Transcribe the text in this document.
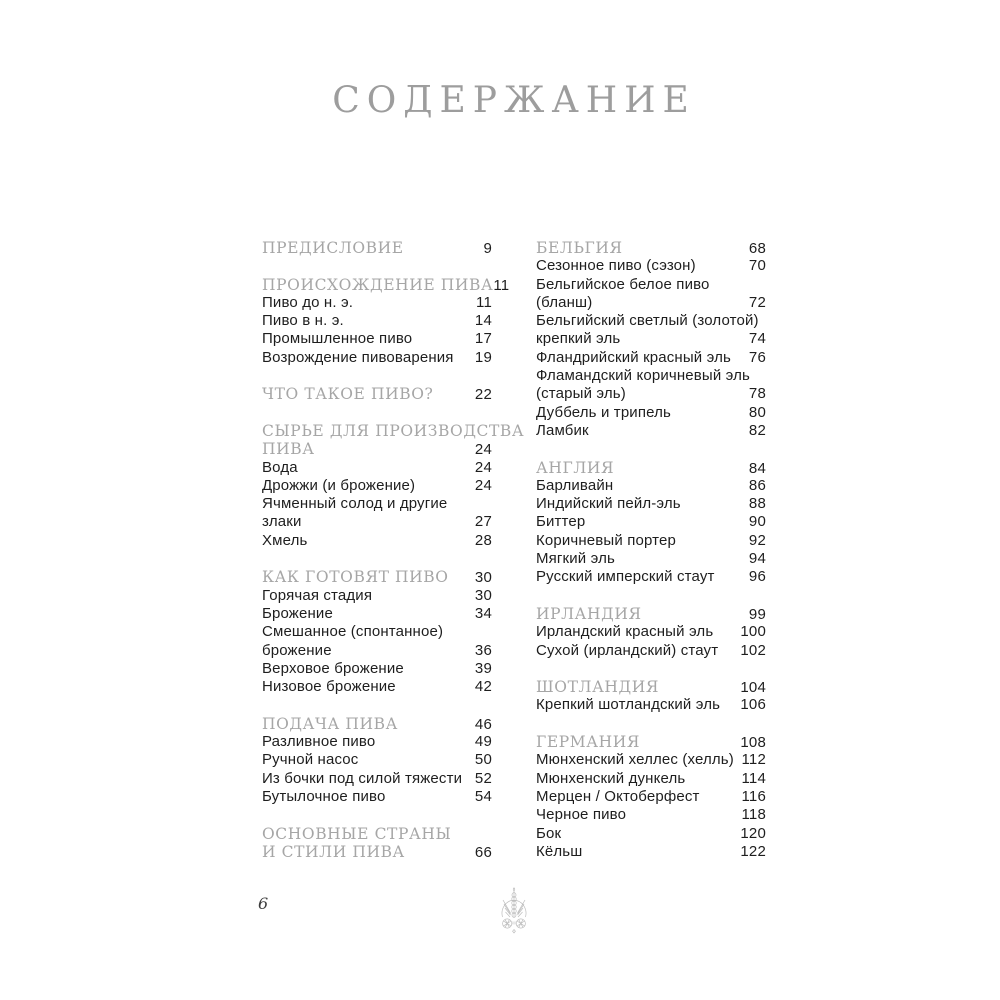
СОДЕРЖАНИЕ
ПРЕДИСЛОВИЕ	9
ПРОИСХОЖДЕНИЕ ПИВА 11
Пиво до н. э.	11
Пиво в н. э.	14
Промышленное пиво	17
Возрождение пивоварения	19
ЧТО ТАКОЕ ПИВО?	22
СЫРЬЕ ДЛЯ ПРОИЗВОДСТВА
ПИВА	24
Вода	24
Дрожжи (и брожение)	24
Ячменный солод и другие
злаки	27
Хмель	28
КАК ГОТОВЯТ ПИВО	30
Горячая стадия	30
Брожение	34
Смешанное (спонтанное)
брожение	36
Верховое брожение	39
Низовое брожение	42
ПОДАЧА ПИВА	46
Разливное пиво	49
Ручной насос	50
Из бочки под силой тяжести 52
Бутылочное пиво	54
ОСНОВНЫЕ СТРАНЫ
И СТИЛИ ПИВА	66
БЕЛЬГИЯ	68
Сезонное пиво (сэзон)	70
Бельгийское белое пиво
(бланш)	72
Бельгийский светлый (золотой)
крепкий эль	74
Фландрийский красный эль	76
Фламандский коричневый эль
(старый эль)	78
Дуббель и трипель	80
Ламбик	82
АНГЛИЯ	84
Барливайн	86
Индийский пейл-эль	88
Биттер	90
Коричневый портер	92
Мягкий эль	94
Русский имперский стаут	96
ИРЛАНДИЯ	99
Ирландский красный эль	100
Сухой (ирландский) стаут	102
ШОТЛАНДИЯ	104
Крепкий шотландский эль	106
ГЕРМАНИЯ	108
Мюнхенский хеллес (хелль) 112
Мюнхенский дункель	114
Мерцен / Октоберфест	116
Черное пиво	118
Бок	120
Кёльш	122
6
